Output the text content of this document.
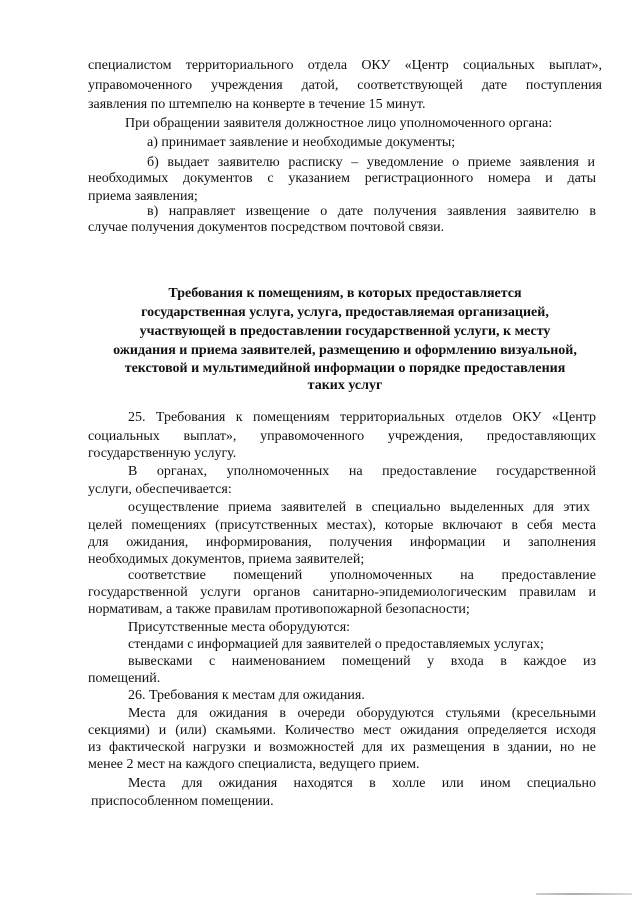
специалистом территориального отдела ОКУ «Центр социальных выплат»,
управомоченного учреждения датой, соответствующей дате поступления
заявления по штемпелю на конверте в течение 15 минут.
При обращении заявителя должностное лицо уполномоченного органа:
а) принимает заявление и необходимые документы;
б) выдает заявителю расписку – уведомление о приеме заявления и
необходимых документов с указанием регистрационного номера и даты
приема заявления;
в) направляет извещение о дате получения заявления заявителю в
случае получения документов посредством почтовой связи.
Требования к помещениям, в которых предоставляется
государственная услуга, услуга, предоставляемая организацией,
участвующей в предоставлении государственной услуги, к месту
ожидания и приема заявителей, размещению и оформлению визуальной,
текстовой и мультимедийной информации о порядке предоставления
таких услуг
25. Требования к помещениям территориальных отделов ОКУ «Центр
социальных выплат», управомоченного учреждения, предоставляющих
государственную услугу.
В органах, уполномоченных на предоставление государственной
услуги, обеспечивается:
осуществление приема заявителей в специально выделенных для этих
целей помещениях (присутственных местах), которые включают в себя места
для ожидания, информирования, получения информации и заполнения
необходимых документов, приема заявителей;
соответствие помещений уполномоченных на предоставление
государственной услуги органов санитарно-эпидемиологическим правилам и
нормативам, а также правилам противопожарной безопасности;
Присутственные места оборудуются:
стендами с информацией для заявителей о предоставляемых услугах;
вывесками с наименованием помещений у входа в каждое из
помещений.
26. Требования к местам для ожидания.
Места для ожидания в очереди оборудуются стульями (кресельными
секциями) и (или) скамьями. Количество мест ожидания определяется исходя
из фактической нагрузки и возможностей для их размещения в здании, но не
менее 2 мест на каждого специалиста, ведущего прием.
Места для ожидания находятся в холле или ином специально
приспособленном помещении.
